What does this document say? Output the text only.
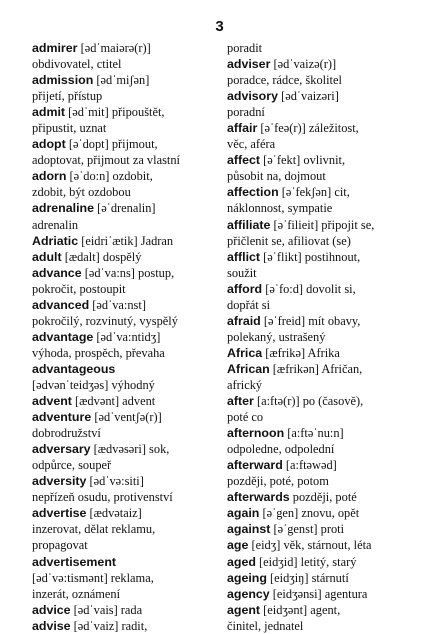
3
admirer [ədˈmaiərə(r)]
obdivovatel, ctitel
admission [ədˈmiʃən]
přijetí, přístup
admit [ədˈmit] připouštět,
připustit, uznat
adopt [əˈdopt] přijmout,
adoptovat, přijmout za vlastní
adorn [əˈdo:n] ozdobit,
zdobit, být ozdobou
adrenaline [əˈdrenalin]
adrenalin
Adriatic [eidriˈætik] Jadran
adult [ædalt] dospělý
advance [ədˈva:ns] postup,
pokročit, postoupit
advanced [ədˈva:nst]
pokročilý, rozvinutý, vyspělý
advantage [ədˈva:ntidʒ]
výhoda, prospěch, převaha
advantageous
[ədvənˈteidʒəs] výhodný
advent [ædvənt] advent
adventure [ədˈventʃə(r)]
dobrodružství
adversary [ædvəsəri] sok,
odpůrce, soupeř
adversity [ədˈvə:siti]
nepřízeň osudu, protivenství
advertise [ædvətaiz]
inzerovat, dělat reklamu,
propagovat
advertisement
[ədˈvə:tismənt] reklama,
inzerát, oznámení
advice [ədˈvais] rada
advise [ədˈvaiz] radit,
poradit
adviser [ədˈvaizə(r)]
poradce, rádce, školitel
advisory [ədˈvaizəri]
poradní
affair [əˈfeə(r)] záležitost,
věc, aféra
affect [əˈfekt] ovlivnit,
působit na, dojmout
affection [əˈfekʃən] cit,
náklonnost, sympatie
affiliate [əˈfilieit] připojit se,
přičlenit se, afiliovat (se)
afflict [əˈflikt] postihnout,
soužit
afford [əˈfo:d] dovolit si,
dopřát si
afraid [əˈfreid] mít obavy,
polekaný, ustrašený
Africa [æfrikə] Afrika
African [æfrikən] Afričan,
africký
after [a:ftə(r)] po (časově),
poté co
afternoon [a:ftəˈnu:n]
odpoledne, odpolední
afterward [a:ftəwəd]
později, poté, potom
afterwards později, poté
again [əˈgen] znovu, opět
against [əˈgenst] proti
age [eidʒ] věk, stárnout, léta
aged [eidʒid] letitý, starý
ageing [eidʒiŋ] stárnutí
agency [eidʒənsi] agentura
agent [eidʒənt] agent,
činitel, jednatel
